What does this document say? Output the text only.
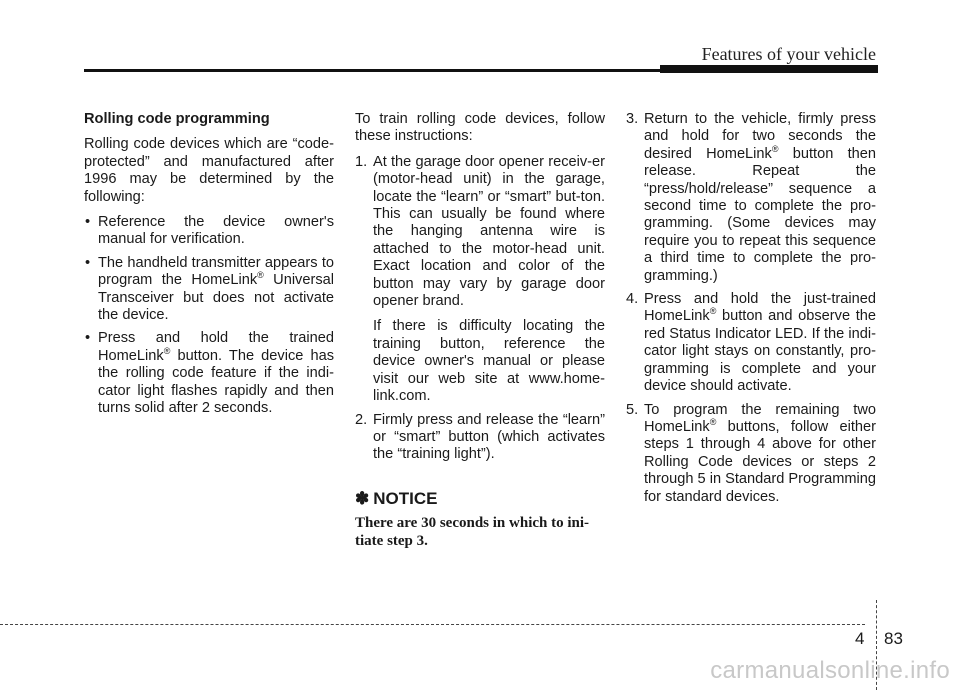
Features of your vehicle

Rolling code programming

Rolling code devices which are “code-protected” and manufactured after 1996 may be determined by the following:

• Reference the device owner's manual for verification.
• The handheld transmitter appears to program the HomeLink® Universal Transceiver but does not activate the device.
• Press and hold the trained HomeLink® button. The device has the rolling code feature if the indi-cator light flashes rapidly and then turns solid after 2 seconds.

To train rolling code devices, follow these instructions:

1. At the garage door opener receiv-er (motor-head unit) in the garage, locate the “learn” or “smart” but-ton. This can usually be found where the hanging antenna wire is attached to the motor-head unit. Exact location and color of the button may vary by garage door opener brand.
If there is difficulty locating the training button, reference the device owner's manual or please visit our web site at www.home-link.com.
2. Firmly press and release the “learn” or “smart” button (which activates the “training light”).
✽ NOTICE
There are 30 seconds in which to ini-tiate step 3.
3. Return to the vehicle, firmly press and hold for two seconds the desired HomeLink® button then release. Repeat the “press/hold/release” sequence a second time to complete the pro-gramming. (Some devices may require you to repeat this sequence a third time to complete the pro-gramming.)
4. Press and hold the just-trained HomeLink® button and observe the red Status Indicator LED. If the indi-cator light stays on constantly, pro-gramming is complete and your device should activate.
5. To program the remaining two HomeLink® buttons, follow either steps 1 through 4 above for other Rolling Code devices or steps 2 through 5 in Standard Programming for standard devices.
4 83
carmanualsonline.info
